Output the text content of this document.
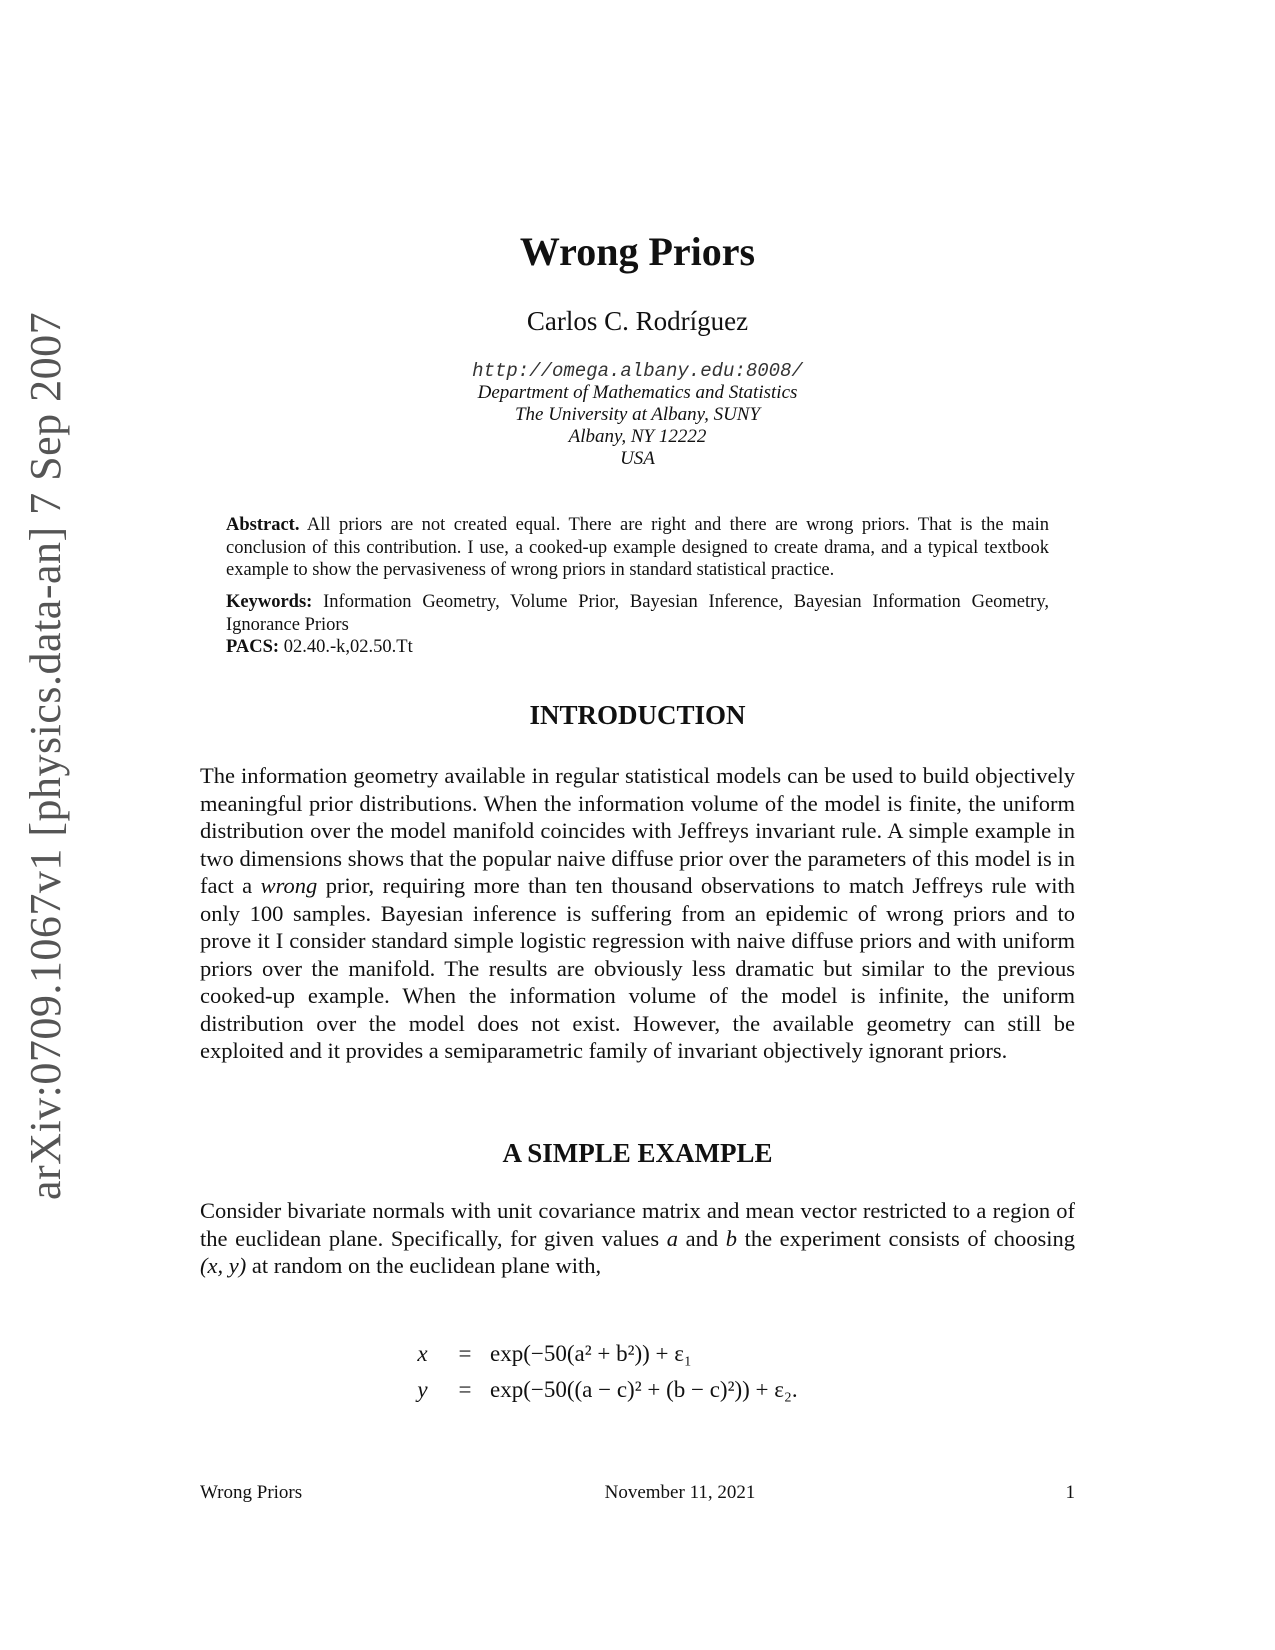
arXiv:0709.1067v1 [physics.data-an] 7 Sep 2007
Wrong Priors
Carlos C. Rodríguez
http://omega.albany.edu:8008/
Department of Mathematics and Statistics
The University at Albany, SUNY
Albany, NY 12222
USA
Abstract. All priors are not created equal. There are right and there are wrong priors. That is the main conclusion of this contribution. I use, a cooked-up example designed to create drama, and a typical textbook example to show the pervasiveness of wrong priors in standard statistical practice.
Keywords: Information Geometry, Volume Prior, Bayesian Inference, Bayesian Information Geometry, Ignorance Priors
PACS: 02.40.-k,02.50.Tt
INTRODUCTION
The information geometry available in regular statistical models can be used to build objectively meaningful prior distributions. When the information volume of the model is finite, the uniform distribution over the model manifold coincides with Jeffreys invariant rule. A simple example in two dimensions shows that the popular naive diffuse prior over the parameters of this model is in fact a wrong prior, requiring more than ten thousand observations to match Jeffreys rule with only 100 samples. Bayesian inference is suffering from an epidemic of wrong priors and to prove it I consider standard simple logistic regression with naive diffuse priors and with uniform priors over the manifold. The results are obviously less dramatic but similar to the previous cooked-up example. When the information volume of the model is infinite, the uniform distribution over the model does not exist. However, the available geometry can still be exploited and it provides a semiparametric family of invariant objectively ignorant priors.
A SIMPLE EXAMPLE
Consider bivariate normals with unit covariance matrix and mean vector restricted to a region of the euclidean plane. Specifically, for given values a and b the experiment consists of choosing (x, y) at random on the euclidean plane with,
x	= exp(−50(a² + b²)) + ε₁
y	= exp(−50((a − c)² + (b − c)²)) + ε₂.
Wrong Priors	November 11, 2021	1
